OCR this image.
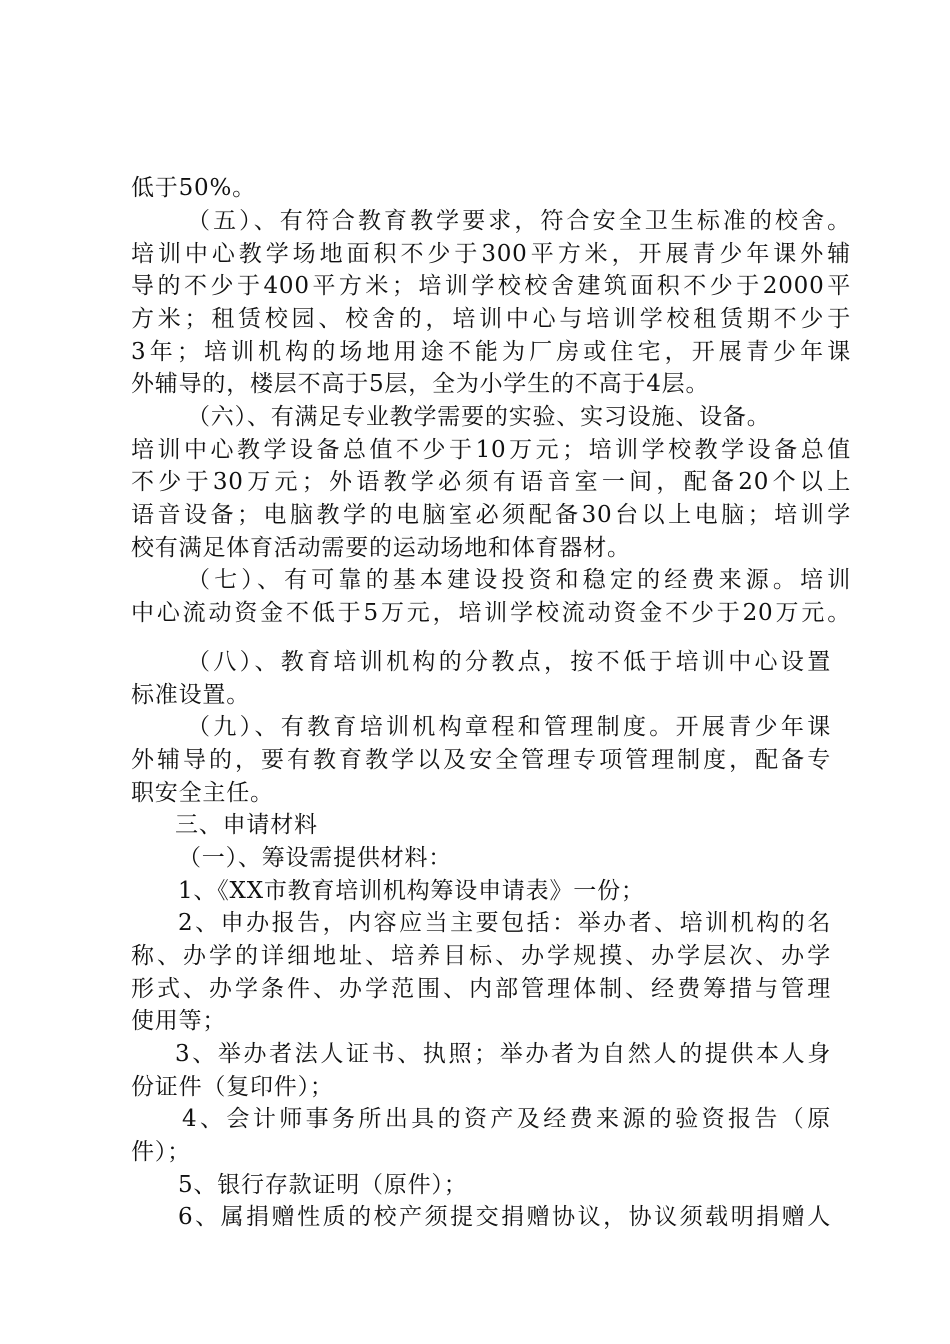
低于50%。
（五）、有符合教育教学要求，符合安全卫生标准的校舍。
培训中心教学场地面积不少于300平方米，开展青少年课外辅
导的不少于400平方米；培训学校校舍建筑面积不少于2000平
方米；租赁校园、校舍的，培训中心与培训学校租赁期不少于
3年；培训机构的场地用途不能为厂房或住宅，开展青少年课
外辅导的，楼层不高于5层，全为小学生的不高于4层。
（六）、有满足专业教学需要的实验、实习设施、设备。
培训中心教学设备总值不少于10万元；培训学校教学设备总值
不少于30万元；外语教学必须有语音室一间，配备20个以上
语音设备；电脑教学的电脑室必须配备30台以上电脑；培训学
校有满足体育活动需要的运动场地和体育器材。
（七）、有可靠的基本建设投资和稳定的经费来源。培训
中心流动资金不低于5万元，培训学校流动资金不少于20万元。
（八）、教育培训机构的分教点，按不低于培训中心设置
标准设置。
（九）、有教育培训机构章程和管理制度。开展青少年课
外辅导的，要有教育教学以及安全管理专项管理制度，配备专
职安全主任。
三、申请材料
（一）、筹设需提供材料：
1、《XX市教育培训机构筹设申请表》一份；
2、申办报告，内容应当主要包括：举办者、培训机构的名
称、办学的详细地址、培养目标、办学规摸、办学层次、办学
形式、办学条件、办学范围、内部管理体制、经费筹措与管理
使用等；
3、举办者法人证书、执照；举办者为自然人的提供本人身
份证件（复印件）；
4、会计师事务所出具的资产及经费来源的验资报告（原
件）；
5、银行存款证明（原件）；
6、属捐赠性质的校产须提交捐赠协议，协议须载明捐赠人
